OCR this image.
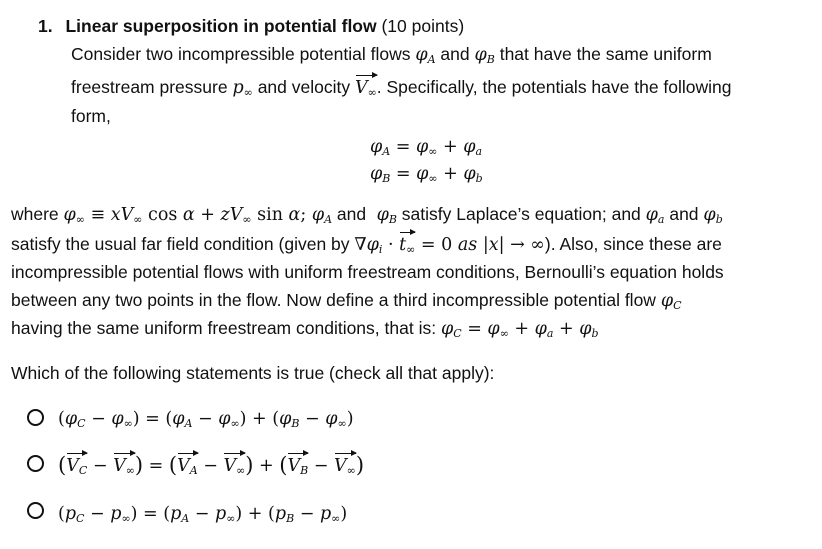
1. Linear superposition in potential flow (10 points)
Consider two incompressible potential flows $\varphi_A$ and $\varphi_B$ that have the same uniform
freestream pressure $p_\infty$ and velocity $V_\infty$. Specifically, the potentials have the following
form,
$\varphi_A = \varphi_\infty + \varphi_a$
$\varphi_B = \varphi_\infty + \varphi_b$
where $\varphi_\infty \equiv xV_\infty$ $\cos \alpha + zV_\infty$ sin α; $\varphi_A$ and  $\varphi_B$ satisfy Laplace’s equation; and $\varphi_a$ and $\varphi_b$
satisfy the usual far field condition (given by $\nabla\varphi_i \cdot t_\infty = 0$ as |x| → ∞). Also, since these are
incompressible potential flows with uniform freestream conditions, Bernoulli’s equation holds
between any two points in the flow. Now define a third incompressible potential flow $\varphi_C$
having the same uniform freestream conditions, that is: $\varphi_C = \varphi_\infty + \varphi_a + \varphi_b$
Which of the following statements is true (check all that apply):
$(\varphi_C - \varphi_\infty) = (\varphi_A - \varphi_\infty) + (\varphi_B - \varphi_\infty)$
$(V_C - V_\infty) = (V_A - V_\infty) + (V_B - V_\infty)$
$(p_C - p_\infty) = (p_A - p_\infty) + (p_B - p_\infty)$
